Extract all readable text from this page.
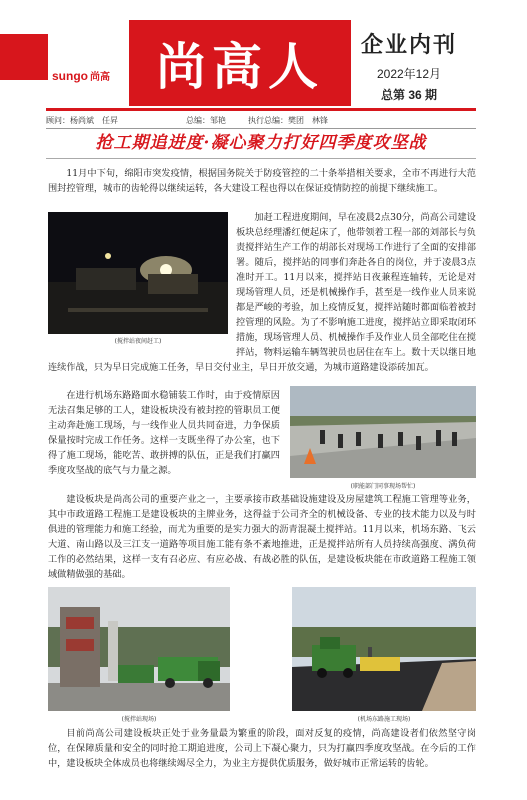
sungo 尚高 尚高人	企业内刊
2022年12月
总第 36 期
顾问：杨尚斌　任昇	总编：邹艳	执行总编：樊团　林锋
抢工期追进度·凝心聚力打好四季度攻坚战
11月中下旬，绵阳市突发疫情，根据国务院关于防疫管控的二十条举措相关要求，全市不再进行大范围封控管理，城市的齿轮得以继续运转，各大建设工程也得以在保证疫情防控的前提下继续施工。
(搅拌站夜间赶工)
加赶工程进度期间，早在凌晨2点30分，尚高公司建设板块总经理潘红便起床了，他带领着工程一部的刘部长与负责搅拌站生产工作的胡部长对现场工作进行了全面的安排部署。随后，搅拌站的同事们奔赴各自的岗位，并于凌晨3点准时开工。11月以来，搅拌站日夜兼程连轴转，无论是对现场管理人员，还是机械操作手，甚至是一线作业人员来说都是严峻的考验，加上疫情反复，搅拌站随时都面临着被封控管理的风险。为了不影响施工进度，搅拌站立即采取闭环措施，现场管理人员、机械操作手及作业人员全部吃住在搅拌站，物料运输车辆驾驶员也居住在车上。数十天以继日地连续作战，只为早日完成施工任务，早日交付业主，早日开放交通，为城市道路建设添砖加瓦。
(职能部门同事现场帮忙)
在进行机场东路路面水稳铺装工作时，由于疫情原因无法召集足够的工人，建设板块没有被封控的管职员工便主动奔赴施工现场，与一线作业人员共同奋进，力争保质保量按时完成工作任务。这样一支既坐得了办公室，也下得了施工现场，能吃苦、敢拼搏的队伍，正是我们打赢四季度攻坚战的底气与力量之源。
建设板块是尚高公司的重要产业之一，主要承接市政基础设施建设及房屋建筑工程施工管理等业务，其中市政道路工程施工是建设板块的主牌业务，这得益于公司齐全的机械设备、专业的技术能力以及与时俱进的管理能力和施工经验，而尤为重要的是实力强大的沥青混凝土搅拌站。11月以来，机场东路、飞云大道、南山路以及三江支一道路等项目施工能有条不紊地推进，正是搅拌站所有人员持续高强度、满负荷工作的必然结果，这样一支有召必应、有应必战、有战必胜的队伍，是建设板块能在市政道路工程施工领域做精做强的基础。
(搅拌站现场)	(机场东路施工现场)
目前尚高公司建设板块正处于业务量最为繁重的阶段，面对反复的疫情，尚高建设者们依然坚守岗位，在保障质量和安全的同时抢工期追进度，公司上下凝心聚力，只为打赢四季度攻坚战。在今后的工作中，建设板块全体成员也将继续竭尽全力，为业主方提供优质服务，做好城市正常运转的齿轮。
